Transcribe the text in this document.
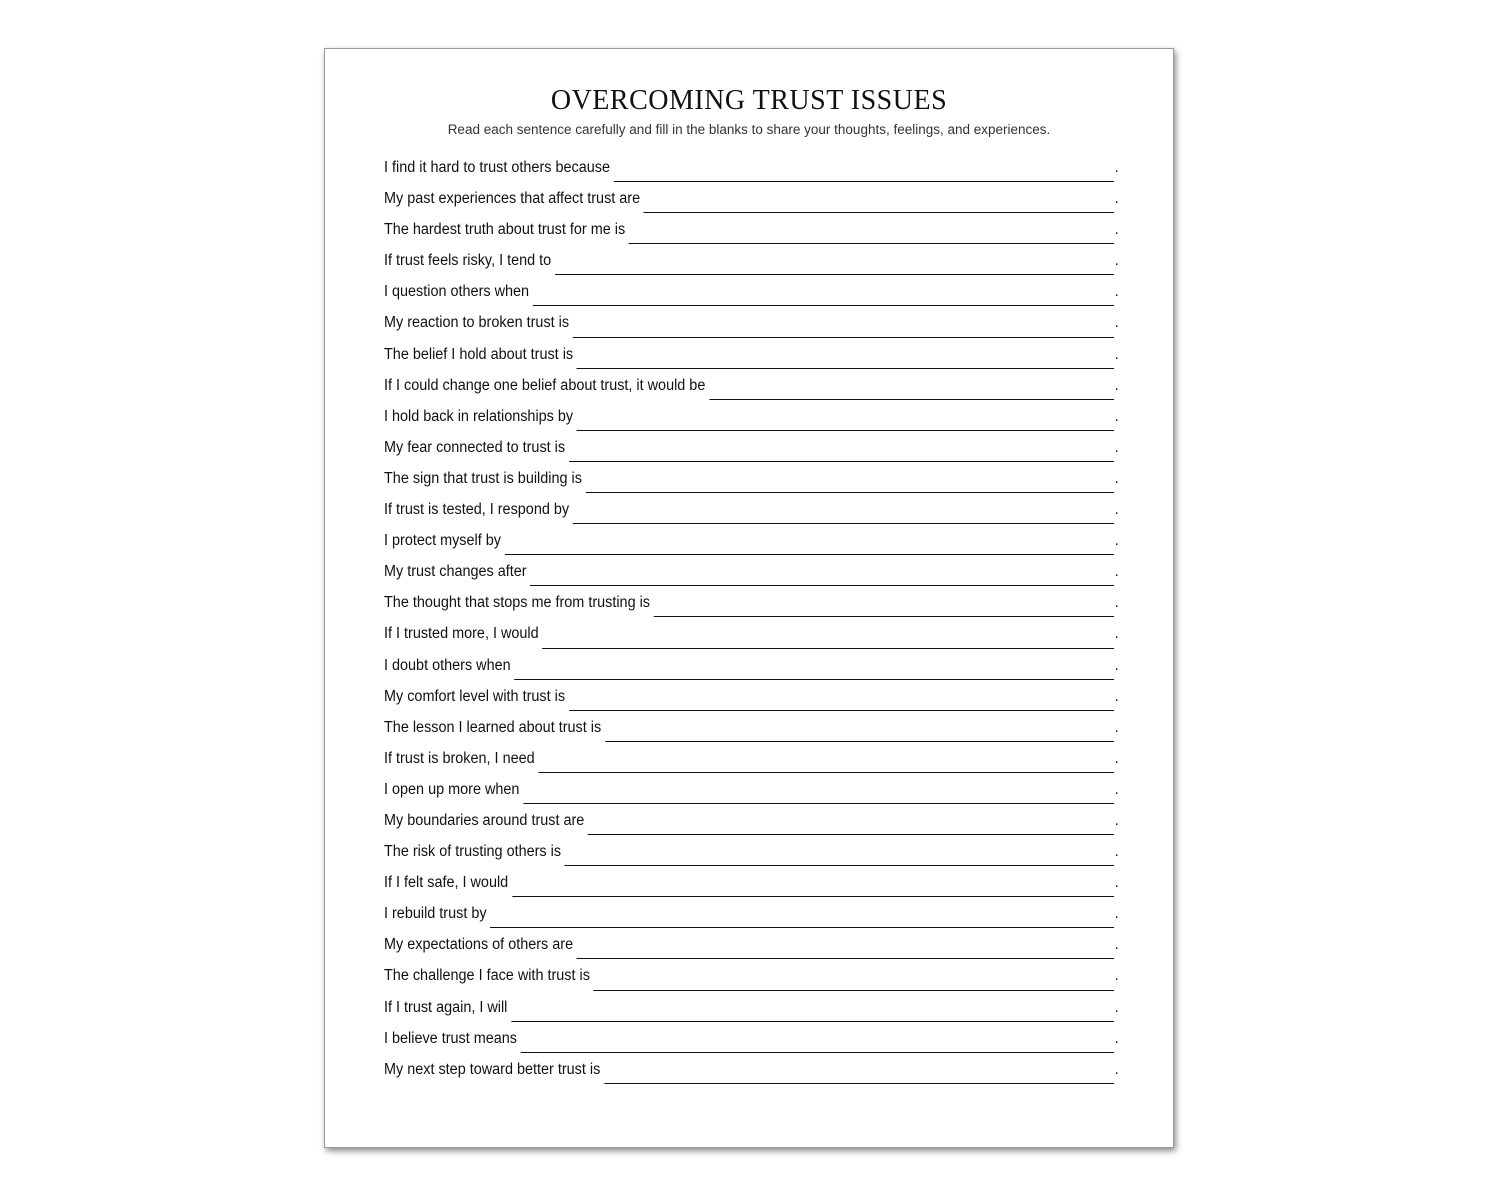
OVERCOMING TRUST ISSUES

Read each sentence carefully and fill in the blanks to share your thoughts, feelings, and experiences.

I find it hard to trust others because	.
My past experiences that affect trust are	.
The hardest truth about trust for me is	.
If trust feels risky, I tend to	.
I question others when	.
My reaction to broken trust is	.
The belief I hold about trust is	.
If I could change one belief about trust, it would be	.
I hold back in relationships by	.
My fear connected to trust is	.
The sign that trust is building is	.
If trust is tested, I respond by	.
I protect myself by	.
My trust changes after	.
The thought that stops me from trusting is	.
If I trusted more, I would	.
I doubt others when	.
My comfort level with trust is	.
The lesson I learned about trust is	.
If trust is broken, I need	.
I open up more when	.
My boundaries around trust are	.
The risk of trusting others is	.
If I felt safe, I would	.
I rebuild trust by	.
My expectations of others are	.
The challenge I face with trust is	.
If I trust again, I will	.
I believe trust means	.
My next step toward better trust is	.
